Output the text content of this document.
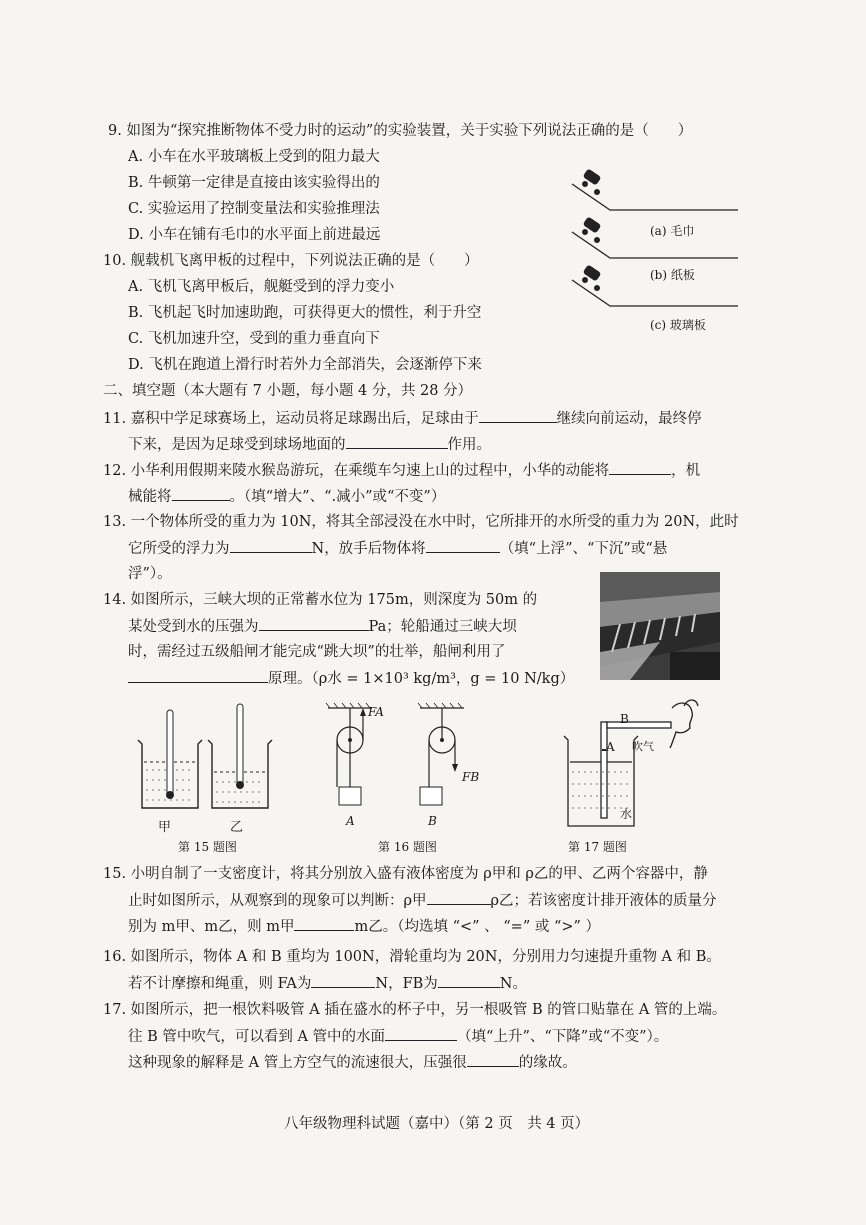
9. 如图为“探究推断物体不受力时的运动”的实验装置，关于实验下列说法正确的是（　　）
A. 小车在水平玻璃板上受到的阻力最大
B. 牛顿第一定律是直接由该实验得出的
C. 实验运用了控制变量法和实验推理法
D. 小车在铺有毛巾的水平面上前进最远	(a) 毛巾
(b) 纸板
(c) 玻璃板
10. 舰载机飞离甲板的过程中，下列说法正确的是（　　）
A. 飞机飞离甲板后，舰艇受到的浮力变小
B. 飞机起飞时加速助跑，可获得更大的惯性，利于升空
C. 飞机加速升空，受到的重力垂直向下
D. 飞机在跑道上滑行时若外力全部消失，会逐渐停下来
二、填空题（本大题有 7 小题，每小题 4 分，共 28 分）
11. 嘉积中学足球赛场上，运动员将足球踢出后，足球由于	继续向前运动，最终停
下来，是因为足球受到球场地面的	作用。
12. 小华利用假期来陵水猴岛游玩，在乘缆车匀速上山的过程中，小华的动能将	，机
械能将	。（填“增大”、“.减小”或“不变”）
13. 一个物体所受的重力为 10N，将其全部浸没在水中时，它所排开的水所受的重力为 20N，此时
它所受的浮力为	N，放手后物体将	（填“上浮”、“下沉”或“悬
浮”）。
14. 如图所示，三峡大坝的正常蓄水位为 175m，则深度为 50m 的
某处受到水的压强为	Pa；轮船通过三峡大坝
时，需经过五级船闸才能完成“跳大坝”的壮举，船闸利用了
原理。（ρ水 = 1×10³ kg/m³，g = 10 N/kg）
甲	乙
第 15 题图
FA
FB
A	B
第 16 题图
A
B
吹气
水
第 17 题图
15. 小明自制了一支密度计，将其分别放入盛有液体密度为 ρ甲和 ρ乙的甲、乙两个容器中，静
止时如图所示，从观察到的现象可以判断：ρ甲	ρ乙；若该密度计排开液体的质量分
别为 m甲、m乙，则 m甲	m乙。（均选填 “<” 、 “=” 或 “>” ）
16. 如图所示，物体 A 和 B 重均为 100N，滑轮重均为 20N，分别用力匀速提升重物 A 和 B。
若不计摩擦和绳重，则 FA为	N，FB为	N。
17. 如图所示，把一根饮料吸管 A 插在盛水的杯子中，另一根吸管 B 的管口贴靠在 A 管的上端。
往 B 管中吹气，可以看到 A 管中的水面	（填“上升”、“下降”或“不变”）。
这种现象的解释是 A 管上方空气的流速很大，压强很	的缘故。
八年级物理科试题（嘉中）（第 2 页　共 4 页）
